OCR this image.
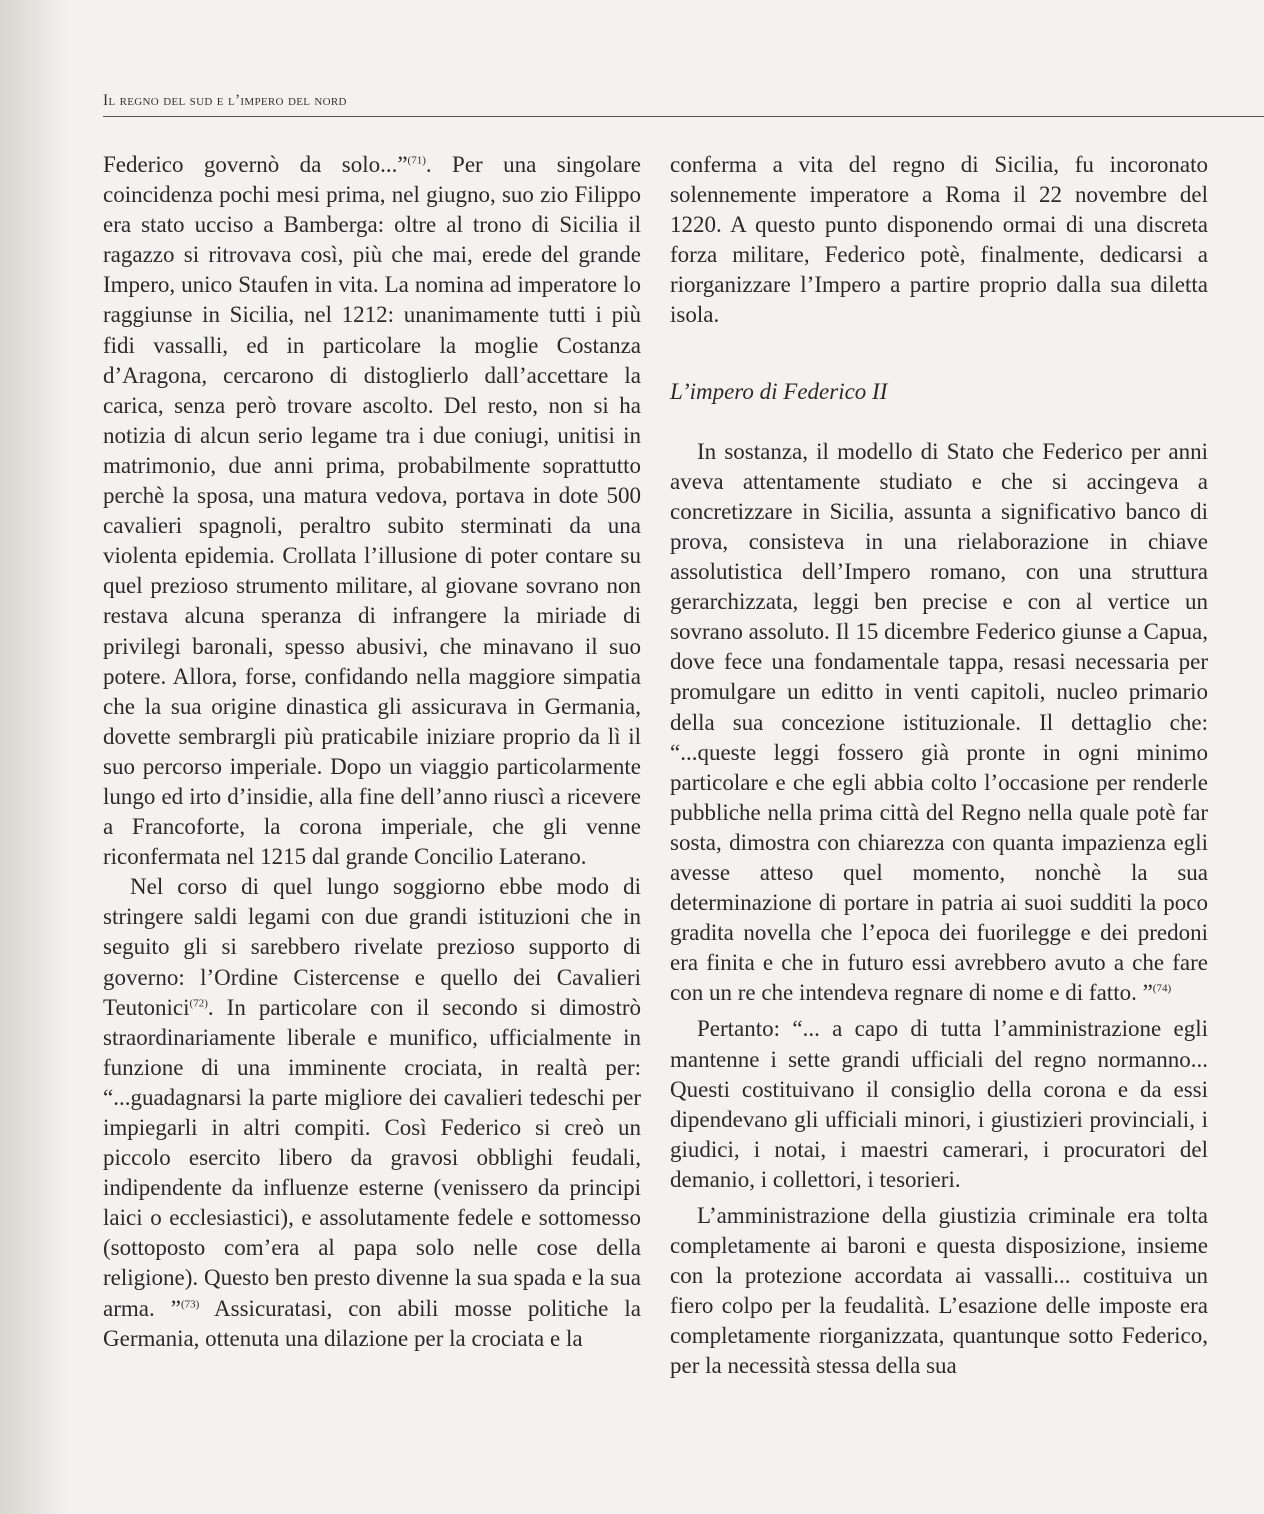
Il regno del sud e l’impero del nord

Federico governò da solo...”$^{(71)}$. Per una singolare coincidenza pochi mesi prima, nel giugno, suo zio Filippo era stato ucciso a Bamberga: oltre al trono di Sicilia il ragazzo si ritrovava così, più che mai, erede del grande Impero, unico Staufen in vita. La nomina ad imperatore lo raggiunse in Sicilia, nel 1212: unanimamente tutti i più fidi vassalli, ed in particolare la moglie Costanza d’Aragona, cercarono di distoglierlo dall’accettare la carica, senza però trovare ascolto. Del resto, non si ha notizia di alcun serio legame tra i due coniugi, unitisi in matrimonio, due anni prima, probabilmente soprattutto perchè la sposa, una matura vedova, portava in dote 500 cavalieri spagnoli, peraltro subito sterminati da una violenta epidemia. Crollata l’illusione di poter contare su quel prezioso strumento militare, al giovane sovrano non restava alcuna speranza di infrangere la miriade di privilegi baronali, spesso abusivi, che minavano il suo potere. Allora, forse, confidando nella maggiore simpatia che la sua origine dinastica gli assicurava in Germania, dovette sembrargli più praticabile iniziare proprio da lì il suo percorso imperiale. Dopo un viaggio particolarmente lungo ed irto d’insidie, alla fine dell’anno riuscì a ricevere a Francoforte, la corona imperiale, che gli venne riconfermata nel 1215 dal grande Concilio Laterano.

Nel corso di quel lungo soggiorno ebbe modo di stringere saldi legami con due grandi istituzioni che in seguito gli si sarebbero rivelate prezioso supporto di governo: l’Ordine Cistercense e quello dei Cavalieri Teutonici$^{(72)}$. In particolare con il secondo si dimostrò straordinariamente liberale e munifico, ufficialmente in funzione di una imminente crociata, in realtà per: “...guadagnarsi la parte migliore dei cavalieri tedeschi per impiegarli in altri compiti. Così Federico si creò un piccolo esercito libero da gravosi obblighi feudali, indipendente da influenze esterne (venissero da principi laici o ecclesiastici), e assolutamente fedele e sottomesso (sottoposto com’era al papa solo nelle cose della religione). Questo ben presto divenne la sua spada e la sua arma. ”$^{(73)}$ Assicuratasi, con abili mosse politiche la Germania, ottenuta una dilazione per la crociata e la

conferma a vita del regno di Sicilia, fu incoronato solennemente imperatore a Roma il 22 novembre del 1220. A questo punto disponendo ormai di una discreta forza militare, Federico potè, finalmente, dedicarsi a riorganizzare l’Impero a partire proprio dalla sua diletta isola.

L’impero di Federico II

In sostanza, il modello di Stato che Federico per anni aveva attentamente studiato e che si accingeva a concretizzare in Sicilia, assunta a significativo banco di prova, consisteva in una rielaborazione in chiave assolutistica dell’Impero romano, con una struttura gerarchizzata, leggi ben precise e con al vertice un sovrano assoluto. Il 15 dicembre Federico giunse a Capua, dove fece una fondamentale tappa, resasi necessaria per promulgare un editto in venti capitoli, nucleo primario della sua concezione istituzionale. Il dettaglio che: “...queste leggi fossero già pronte in ogni minimo particolare e che egli abbia colto l’occasione per renderle pubbliche nella prima città del Regno nella quale potè far sosta, dimostra con chiarezza con quanta impazienza egli avesse atteso quel momento, nonchè la sua determinazione di portare in patria ai suoi sudditi la poco gradita novella che l’epoca dei fuorilegge e dei predoni era finita e che in futuro essi avrebbero avuto a che fare con un re che intendeva regnare di nome e di fatto. ”$^{(74)}$

Pertanto: “... a capo di tutta l’amministrazione egli mantenne i sette grandi ufficiali del regno normanno... Questi costituivano il consiglio della corona e da essi dipendevano gli ufficiali minori, i giustizieri provinciali, i giudici, i notai, i maestri camerari, i procuratori del demanio, i collettori, i tesorieri.

L’amministrazione della giustizia criminale era tolta completamente ai baroni e questa disposizione, insieme con la protezione accordata ai vassalli... costituiva un fiero colpo per la feudalità. L’esazione delle imposte era completamente riorganizzata, quantunque sotto Federico, per la necessità stessa della sua
